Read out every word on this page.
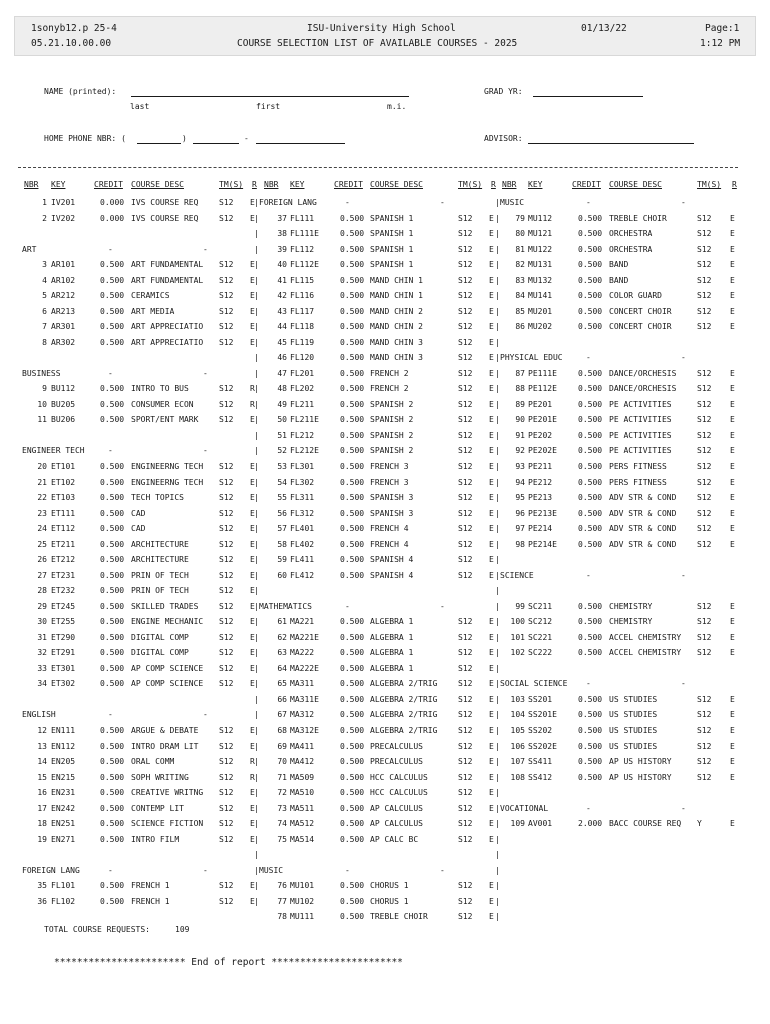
1sonyb12.p 25-4
05.21.10.00.00
ISU-University High School
COURSE SELECTION LIST OF AVAILABLE COURSES - 2025
01/13/22	Page:1
1:12 PM
NAME (printed):
last	first	m.i.
GRAD YR:
HOME PHONE NBR: (	)	-	ADVISOR:
NBR KEY	CREDIT COURSE DESC	TM(S) R NBR KEY	CREDIT COURSE DESC	TM(S) R NBR KEY	CREDIT COURSE DESC	TM(S) R
|
|
|
|
|
|
|
|
|
|
|
|
|
|
|
|
|
|
|
|
|
|
|
|
|
|
|
|
|
|
|
|
|
|
|
|
|
|
|
|
|
|
|
|
|
|
|
|
|
|
|
|
|
|
|
|
|
|
|
|
|
|
|
|
|
|
|
|
|
|
|
|
|
|
|
|
|
|
|
|
|
|
|
|
|
|
|
|
|
|
|
|
|
1 IV201	0.000 IVS COURSE REQ	S12 E
2 IV202	0.000 IVS COURSE REQ	S12 E
ART	-	-
3 AR101	0.500 ART FUNDAMENTAL S12 E
4 AR102	0.500 ART FUNDAMENTAL S12 E
5 AR212	0.500 CERAMICS	S12 E
6 AR213	0.500 ART MEDIA	S12 E
7 AR301	0.500 ART APPRECIATIO S12 E
8 AR302	0.500 ART APPRECIATIO S12 E
BUSINESS	-	-
9 BU112	0.500 INTRO TO BUS	S12 R
10 BU205	0.500 CONSUMER ECON	S12 R
11 BU206	0.500 SPORT/ENT MARK	S12 E
ENGINEER TECH	-	-
20 ET101	0.500 ENGINEERNG TECH S12 E
21 ET102	0.500 ENGINEERNG TECH S12 E
22 ET103	0.500 TECH TOPICS	S12 E
23 ET111	0.500 CAD	S12 E
24 ET112	0.500 CAD	S12 E
25 ET211	0.500 ARCHITECTURE	S12 E
26 ET212	0.500 ARCHITECTURE	S12 E
27 ET231	0.500 PRIN OF TECH	S12 E
28 ET232	0.500 PRIN OF TECH	S12 E
29 ET245	0.500 SKILLED TRADES	S12 E
30 ET255	0.500 ENGINE MECHANIC S12 E
31 ET290	0.500 DIGITAL COMP	S12 E
32 ET291	0.500 DIGITAL COMP	S12 E
33 ET301	0.500 AP COMP SCIENCE S12 E
34 ET302	0.500 AP COMP SCIENCE S12 E
ENGLISH	-	-
12 EN111	0.500 ARGUE & DEBATE	S12 E
13 EN112	0.500 INTRO DRAM LIT	S12 E
14 EN205	0.500 ORAL COMM	S12 R
15 EN215	0.500 SOPH WRITING	S12 R
16 EN231	0.500 CREATIVE WRITNG S12 E
17 EN242	0.500 CONTEMP LIT	S12 E
18 EN251	0.500 SCIENCE FICTION S12 E
19 EN271	0.500 INTRO FILM	S12 E
FOREIGN LANG	-	-
35 FL101	0.500 FRENCH 1	S12 E
36 FL102	0.500 FRENCH 1	S12 E
FOREIGN LANG	-	-
37 FL111	0.500 SPANISH 1	S12 E
38 FL111E	0.500 SPANISH 1	S12 E
39 FL112	0.500 SPANISH 1	S12 E
40 FL112E	0.500 SPANISH 1	S12 E
41 FL115	0.500 MAND CHIN 1	S12 E
42 FL116	0.500 MAND CHIN 1	S12 E
43 FL117	0.500 MAND CHIN 2	S12 E
44 FL118	0.500 MAND CHIN 2	S12 E
45 FL119	0.500 MAND CHIN 3	S12 E
46 FL120	0.500 MAND CHIN 3	S12 E
47 FL201	0.500 FRENCH 2	S12 E
48 FL202	0.500 FRENCH 2	S12 E
49 FL211	0.500 SPANISH 2	S12 E
50 FL211E	0.500 SPANISH 2	S12 E
51 FL212	0.500 SPANISH 2	S12 E
52 FL212E	0.500 SPANISH 2	S12 E
53 FL301	0.500 FRENCH 3	S12 E
54 FL302	0.500 FRENCH 3	S12 E
55 FL311	0.500 SPANISH 3	S12 E
56 FL312	0.500 SPANISH 3	S12 E
57 FL401	0.500 FRENCH 4	S12 E
58 FL402	0.500 FRENCH 4	S12 E
59 FL411	0.500 SPANISH 4	S12 E
60 FL412	0.500 SPANISH 4	S12 E
MATHEMATICS	-	-
61 MA221	0.500 ALGEBRA 1	S12 E
62 MA221E	0.500 ALGEBRA 1	S12 E
63 MA222	0.500 ALGEBRA 1	S12 E
64 MA222E	0.500 ALGEBRA 1	S12 E
65 MA311	0.500 ALGEBRA 2/TRIG	S12 E
66 MA311E	0.500 ALGEBRA 2/TRIG	S12 E
67 MA312	0.500 ALGEBRA 2/TRIG	S12 E
68 MA312E	0.500 ALGEBRA 2/TRIG	S12 E
69 MA411	0.500 PRECALCULUS	S12 E
70 MA412	0.500 PRECALCULUS	S12 E
71 MA509	0.500 HCC CALCULUS	S12 E
72 MA510	0.500 HCC CALCULUS	S12 E
73 MA511	0.500 AP CALCULUS	S12 E
74 MA512	0.500 AP CALCULUS	S12 E
75 MA514	0.500 AP CALC BC	S12 E
MUSIC	-	-
76 MU101	0.500 CHORUS 1	S12 E
77 MU102	0.500 CHORUS 1	S12 E
78 MU111	0.500 TREBLE CHOIR	S12 E
MUSIC	-	-
79 MU112	0.500 TREBLE CHOIR	S12 E
80 MU121	0.500 ORCHESTRA	S12 E
81 MU122	0.500 ORCHESTRA	S12 E
82 MU131	0.500 BAND	S12 E
83 MU132	0.500 BAND	S12 E
84 MU141	0.500 COLOR GUARD	S12 E
85 MU201	0.500 CONCERT CHOIR	S12 E
86 MU202	0.500 CONCERT CHOIR	S12 E
PHYSICAL EDUC	-	-
87 PE111E	0.500 DANCE/ORCHESIS	S12 E
88 PE112E	0.500 DANCE/ORCHESIS	S12 E
89 PE201	0.500 PE ACTIVITIES	S12 E
90 PE201E	0.500 PE ACTIVITIES	S12 E
91 PE202	0.500 PE ACTIVITIES	S12 E
92 PE202E	0.500 PE ACTIVITIES	S12 E
93 PE211	0.500 PERS FITNESS	S12 E
94 PE212	0.500 PERS FITNESS	S12 E
95 PE213	0.500 ADV STR & COND	S12 E
96 PE213E	0.500 ADV STR & COND	S12 E
97 PE214	0.500 ADV STR & COND	S12 E
98 PE214E	0.500 ADV STR & COND	S12 E
SCIENCE	-	-
99 SC211	0.500 CHEMISTRY	S12 E
100 SC212	0.500 CHEMISTRY	S12 E
101 SC221	0.500 ACCEL CHEMISTRY S12 E
102 SC222	0.500 ACCEL CHEMISTRY S12 E
SOCIAL SCIENCE -	-
103 SS201	0.500 US STUDIES	S12 E
104 SS201E	0.500 US STUDIES	S12 E
105 SS202	0.500 US STUDIES	S12 E
106 SS202E	0.500 US STUDIES	S12 E
107 SS411	0.500 AP US HISTORY	S12 E
108 SS412	0.500 AP US HISTORY	S12 E
VOCATIONAL	-	-
109 AV001	2.000 BACC COURSE REQ Y	E
TOTAL COURSE REQUESTS:	109
*********************** End of report ***********************
